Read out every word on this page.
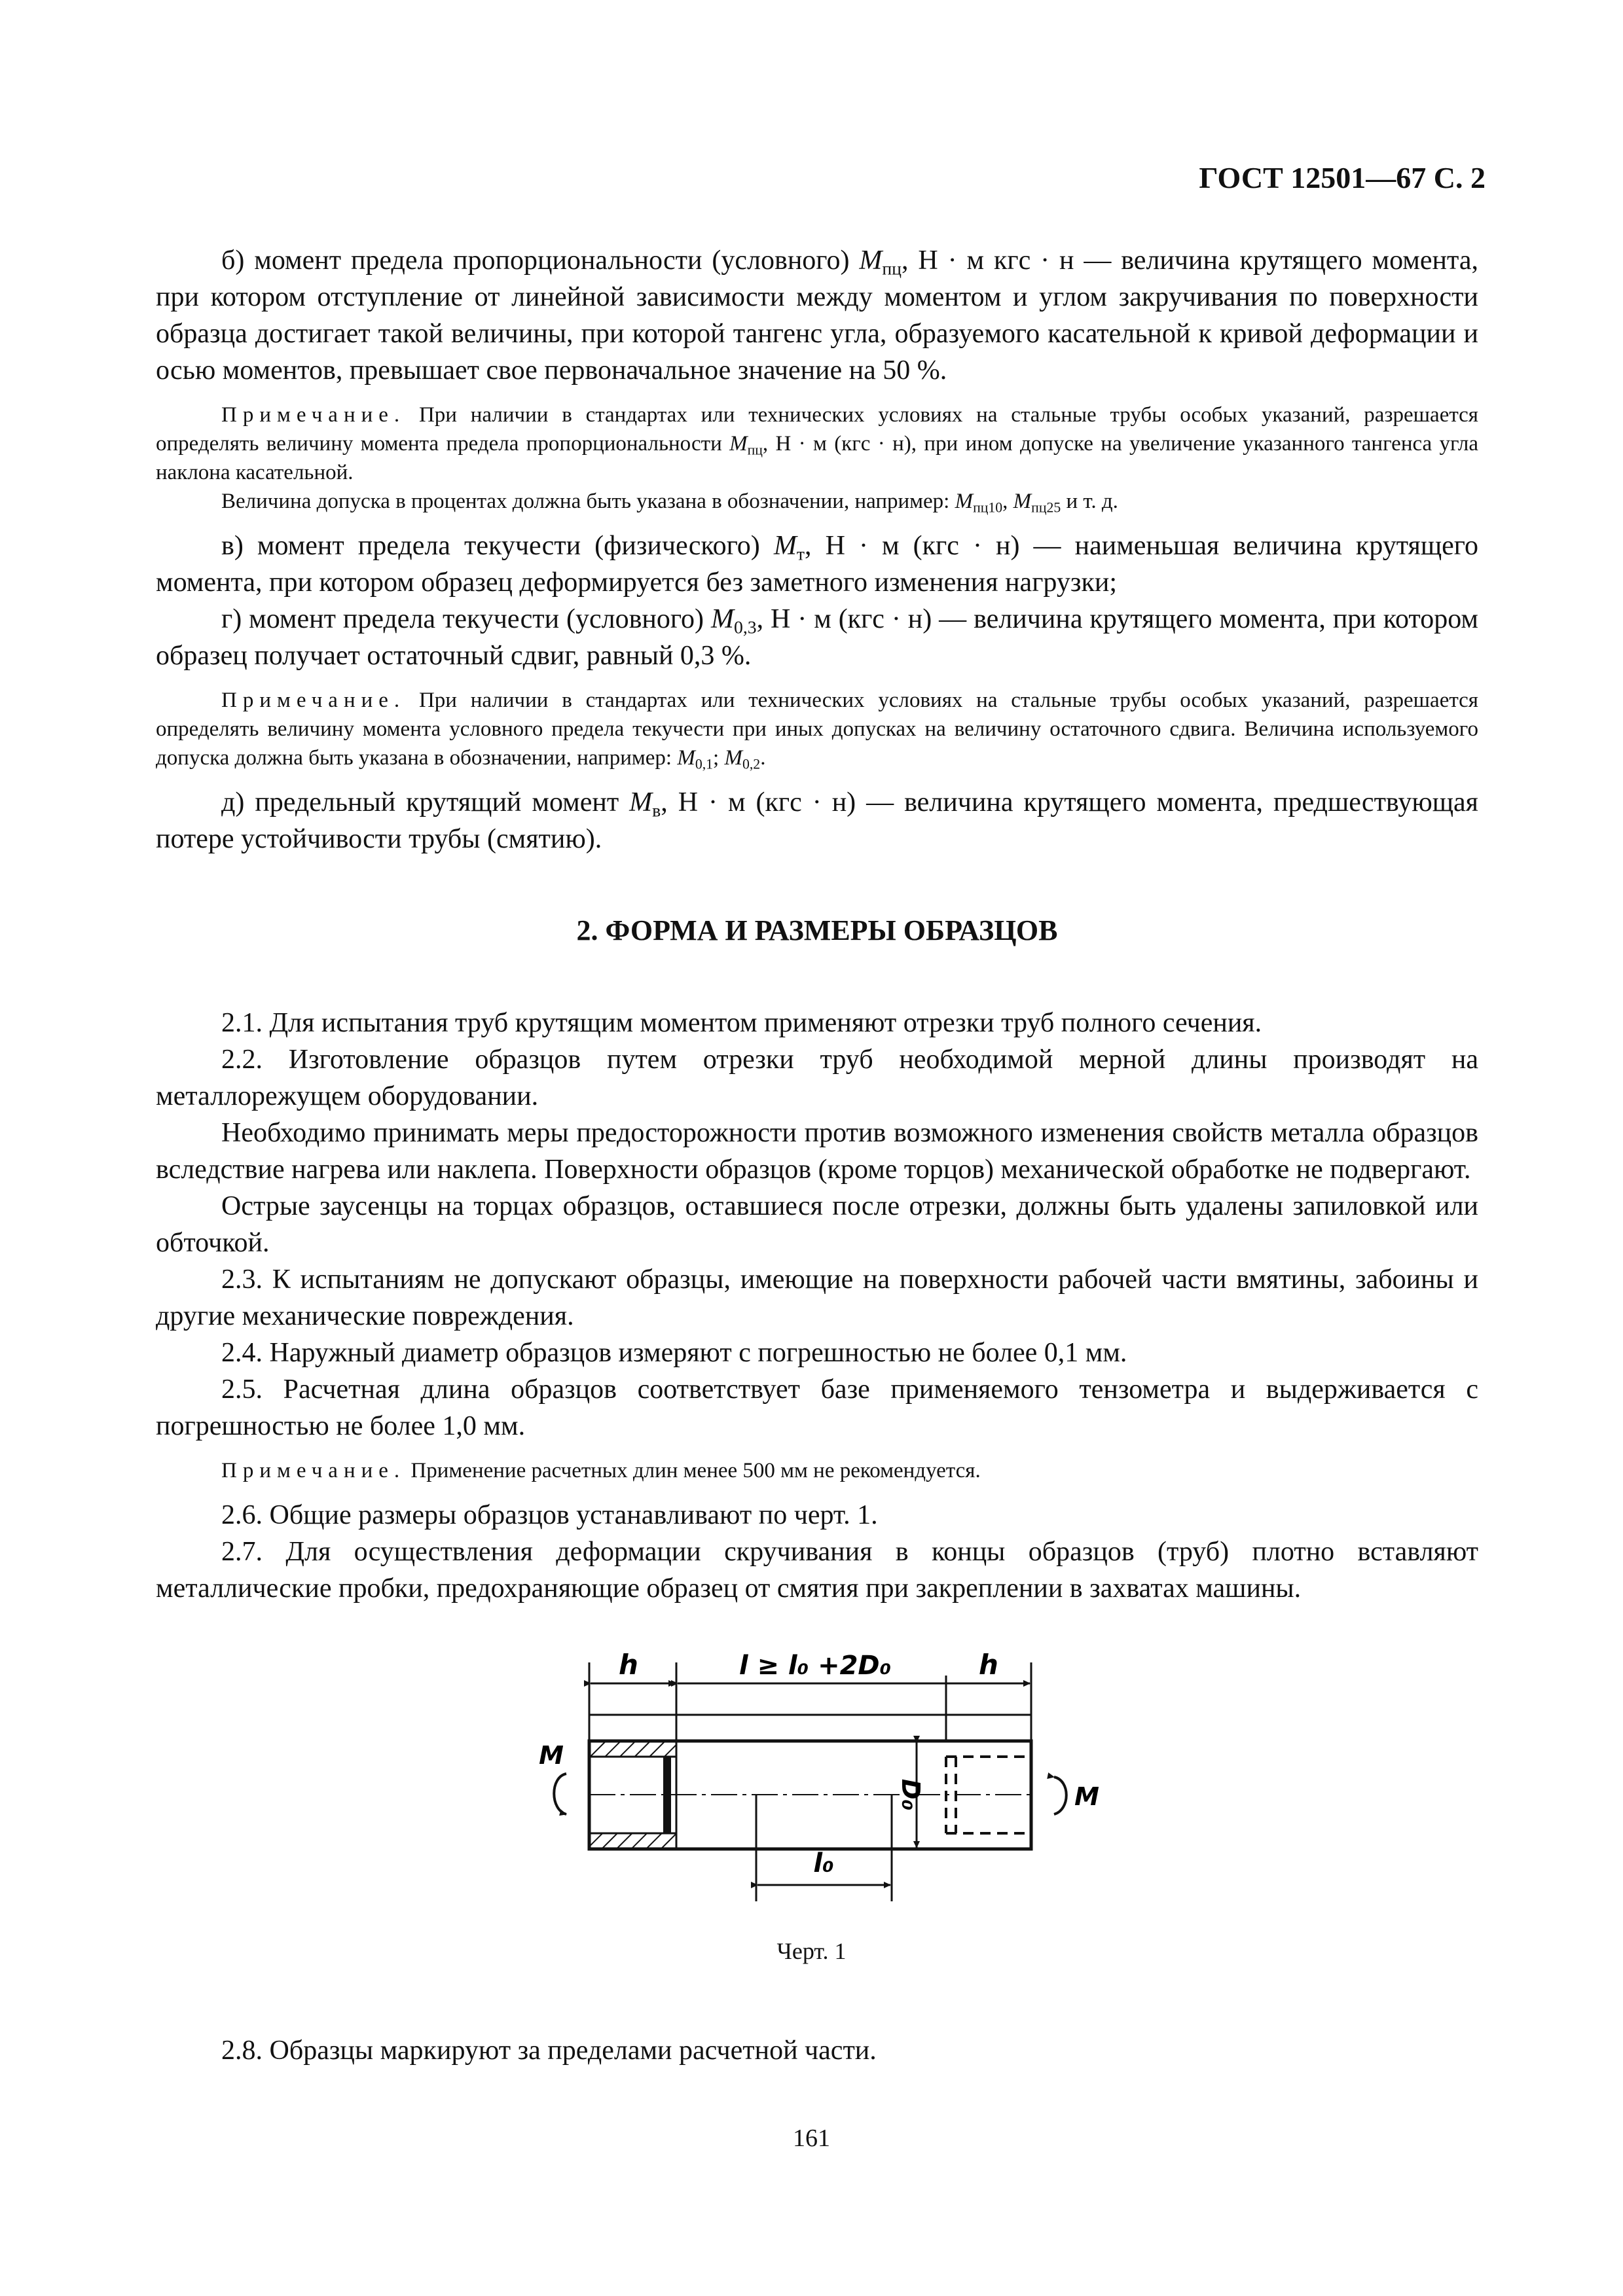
ГОСТ 12501—67 С. 2

б) момент предела пропорциональности (условного) $M_{пц}$, Н · м кгс · н — величина крутящего момента, при котором отступление от линейной зависимости между моментом и углом закручивания по поверхности образца достигает такой величины, при которой тангенс угла, образуемого касательной к кривой деформации и осью моментов, превышает свое первоначальное значение на 50 %.

Примечание. При наличии в стандартах или технических условиях на стальные трубы особых указаний, разрешается определять величину момента предела пропорциональности $M_{пц}$, Н · м (кгс · н), при ином допуске на увеличение указанного тангенса угла наклона касательной.

Величина допуска в процентах должна быть указана в обозначении, например: $M_{пц10}$, $M_{пц25}$ и т. д.

в) момент предела текучести (физического) $M_т$, Н · м (кгс · н) — наименьшая величина крутящего момента, при котором образец деформируется без заметного изменения нагрузки;

г) момент предела текучести (условного) $M_{0,3}$, Н · м (кгс · н) — величина крутящего момента, при котором образец получает остаточный сдвиг, равный 0,3 %.

Примечание. При наличии в стандартах или технических условиях на стальные трубы особых указаний, разрешается определять величину момента условного предела текучести при иных допусках на величину остаточного сдвига. Величина используемого допуска должна быть указана в обозначении, например: $M_{0,1}$; $M_{0,2}$.

д) предельный крутящий момент $M_в$, Н · м (кгс · н) — величина крутящего момента, предшествующая потере устойчивости трубы (смятию).

2. ФОРМА И РАЗМЕРЫ ОБРАЗЦОВ

2.1. Для испытания труб крутящим моментом применяют отрезки труб полного сечения.

2.2. Изготовление образцов путем отрезки труб необходимой мерной длины производят на металлорежущем оборудовании.

Необходимо принимать меры предосторожности против возможного изменения свойств металла образцов вследствие нагрева или наклепа. Поверхности образцов (кроме торцов) механической обработке не подвергают.

Острые заусенцы на торцах образцов, оставшиеся после отрезки, должны быть удалены запиловкой или обточкой.

2.3. К испытаниям не допускают образцы, имеющие на поверхности рабочей части вмятины, забоины и другие механические повреждения.

2.4. Наружный диаметр образцов измеряют с погрешностью не более 0,1 мм.

2.5. Расчетная длина образцов соответствует базе применяемого тензометра и выдерживается с погрешностью не более 1,0 мм.

Примечание. Применение расчетных длин менее 500 мм не рекомендуется.

2.6. Общие размеры образцов устанавливают по черт. 1.

2.7. Для осуществления деформации скручивания в концы образцов (труб) плотно вставляют металлические пробки, предохраняющие образец от смятия при закреплении в захватах машины.

h	l ≥ l₀ +2D₀	h
M
M
D₀
l₀
Черт. 1

2.8. Образцы маркируют за пределами расчетной части.

161
